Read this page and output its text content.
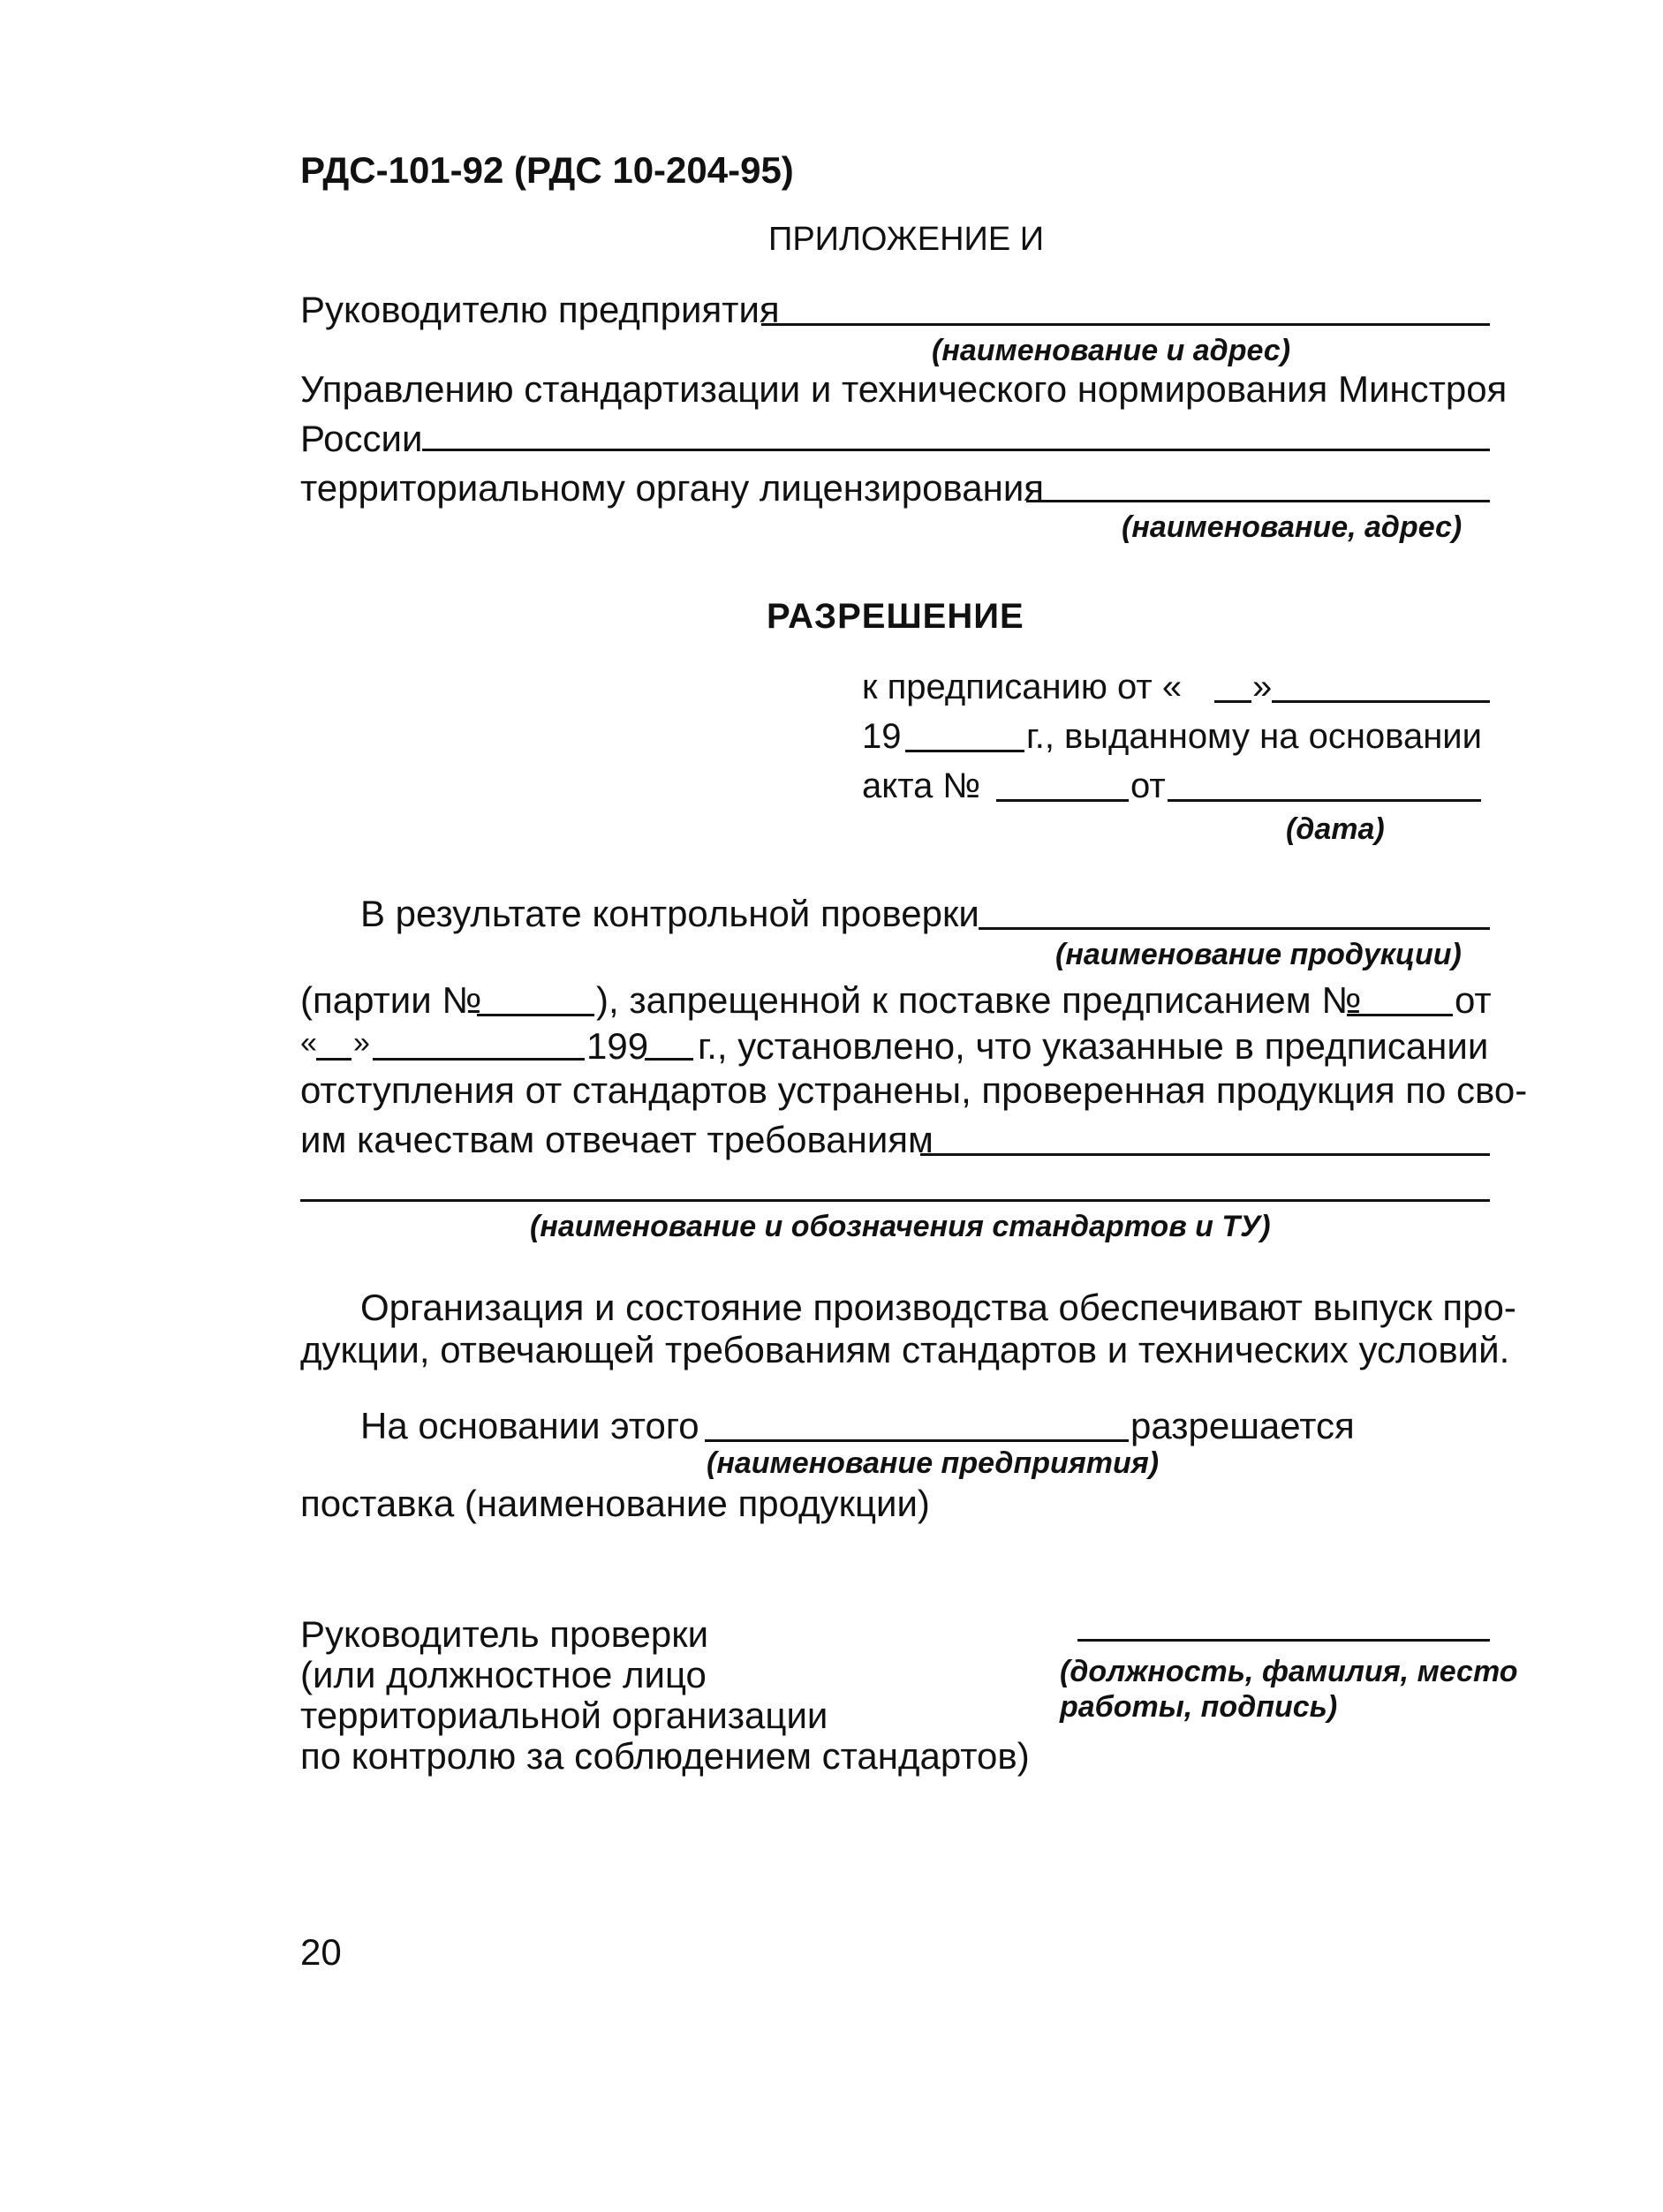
РДС-101-92 (РДС 10-204-95)
ПРИЛОЖЕНИЕ И
Руководителю предприятия
(наименование и адрес)
Управлению стандартизации и технического нормирования Минстроя
России
территориальному органу лицензирования
(наименование, адрес)
РАЗРЕШЕНИЕ
к предписанию от « »
19	г., выданному на основании
акта №	от
(дата)
В результате контрольной проверки
(наименование продукции)
(партии №	), запрещенной к поставке предписанием №	от
« »	199 г., установлено, что указанные в предписании
отступления от стандартов устранены, проверенная продукция по сво-
им качествам отвечает требованиям
(наименование и обозначения стандартов и ТУ)
Организация и состояние производства обеспечивают выпуск про-
дукции, отвечающей требованиям стандартов и технических условий.
На основании этого	разрешается
(наименование предприятия)
поставка (наименование продукции)
Руководитель проверки
(или должностное лицо
территориальной организации
по контролю за соблюдением стандартов)
(должность, фамилия, место
работы, подпись)
20
